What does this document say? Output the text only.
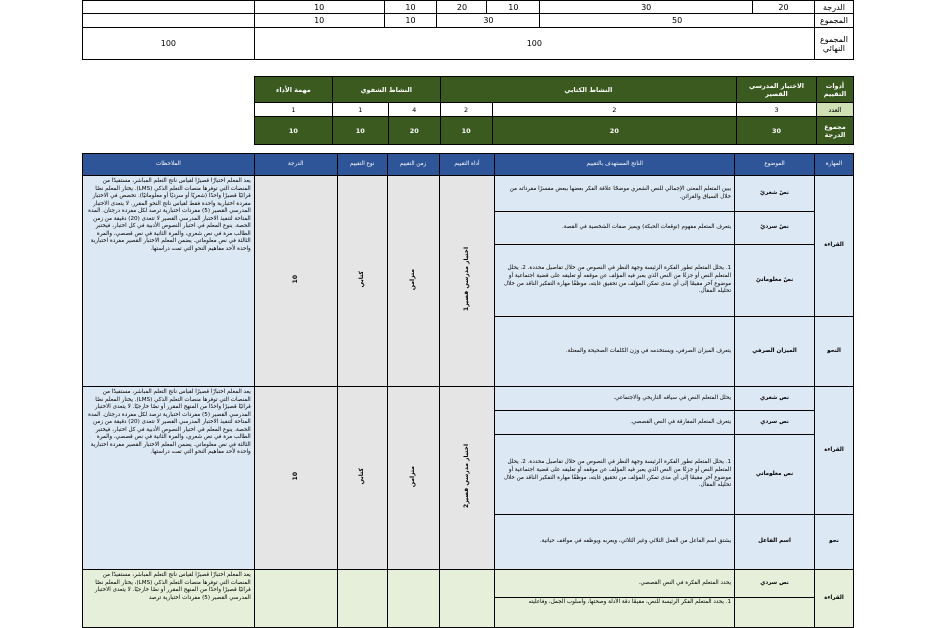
	10	10	20	10	30	20	الدرجة
	10	10	30		50		المجموع
100	100						المجموع النهائي
مهمة الأداء	النشاط الشفوي		النشاط الكتابي		الاختبار المدرسي القصير	أدوات التقييم
1	1	4	2	2	3	العدد
10	10	20	10	20	30	مجموع الدرجة
الملاحظات	الدرجة	نوع التقييم	زمن التقييم	أداة التقييم	الناتج المستهدف بالتقييم	الموضوع	المهارة
يعد المعلم اختبارًا قصيرًا لقياس ناتج التعلم المباشر، مستفيدًا من المنصات التي توفرها منصات التعلم الذكي (LMS). يختار المعلم نصًا قرائيًا قصيرًا واحدًا (شعريًا أو سرديًا أو معلوماتيًا). تخصص في الاختبار مفردة اختبارية واحدة فقط لقياس ناتج النحو المقرر. لا يتعدى الاختبار المدرسي القصير (5) مفردات اختبارية ترصد لكل مفردة درجتان. المدة المتاحة لتنفيذ الاختبار المدرسي القصير لا تتعدى (20) دقيقة من زمن الحصة. ينوع المعلم في اختيار النصوص الأدبية في كل اختبار، فيختبر الطالب مرة في نص شعري، والمرة الثانية في نص قصصي، والمرة الثالثة في نص معلوماتي. يضمن المعلم الاختبار القصير مفردة اختبارية واحدة لأحد مفاهيم النحو التي تمت دراستها.	10	كتابي	متزامن	اختبار مدرسي قصير1	يبين المتعلم المعنى الإجمالي للنص الشعري موضحًا علاقة الفكر بعضها ببعض مفسرًا مفرداته من خلال السياق والقرائن.	نصٌ شعريٌ	القراءة
					يتعرف المتعلم مفهوم (توقعات الحبكة) ويميز صفات الشخصية في القصة.	نصٌ سرديٌ	
					1. يحلل المتعلم تطور الفكرة الرئيسة وجهة النظر في النصوص من خلال تفاصيل محددة. 2. يحلل المتعلم النص أو جزءًا من النص الذي يعبر فيه المؤلف عن موقفه أو تعليقه على قضية اجتماعية أو موضوع آخر مقيمًا إلى أي مدى تمكن المؤلف من تحقيق غايته، موظفًا مهارة التفكير الناقد من خلال تحليله المقال.	نصٌ معلوماتيٌ	
					يتعرف الميزان الصرفي، ويستخدمه في وزن الكلمات الصحيحة والمعتلة.	الميزان الصرفي	النحو
يعد المعلم اختبارًا قصيرًا لقياس ناتج التعلم المباشر، مستفيدًا من المنصات التي توفرها منصات التعلم الذكي (LMS). يختار المعلم نصًا قرائيًا قصيرًا واحدًا من المنهج المقرر أو نصًا خارجيًا. لا يتعدى الاختبار المدرسي القصير (5) مفردات اختبارية ترصد لكل مفردة درجتان. المدة المتاحة لتنفيذ الاختبار المدرسي القصير لا تتعدى (20) دقيقة من زمن الحصة. ينوع المعلم في اختيار النصوص الأدبية في كل اختبار، فيختبر الطالب مرة في نص شعري، والمرة الثانية في نص قصصي، والمرة الثالثة في نص معلوماتي. يضمن المعلم الاختبار القصير مفردة اختبارية واحدة لأحد مفاهيم النحو التي تمت دراستها.	10	كتابي	متزامن	اختبار مدرسي قصير2	يحلل المتعلم النص في سياقه التاريخي والاجتماعي.	نص شعري	القراءة
					يتعرف المتعلم المفارقة في النص القصصي.	نص سردي	
					1. يحلل المتعلم تطور الفكرة الرئيسة وجهة النظر في النصوص من خلال تفاصيل محددة. 2. يحلل المتعلم النص أو جزءًا من النص الذي يعبر فيه المؤلف عن موقفه أو تعليقه على قضية اجتماعية أو موضوع آخر مقيمًا إلى أي مدى تمكن المؤلف من تحقيق غايته، موظفًا مهارة التفكير الناقد من خلال تحليله المقال.	نص معلوماتي	
					يشتق اسم الفاعل من الفعل الثلاثي وغير الثلاثي، ويعربه ويوظفه في مواقف حياتية.	اسم الفاعل	نحو
يعد المعلم اختبارًا قصيرًا لقياس ناتج التعلم المباشر، مستفيدًا من المنصات التي توفرها منصات التعلم الذكي (LMS)، يختار المعلم نصًا قرائيًا قصيرًا واحدًا من المنهج المقرر أو نصًا خارجيًا. لا يتعدى الاختبار المدرسي القصير (5) مفردات اختبارية ترصد					يحدد المتعلم الفكرة في النص القصصي.	نص سردي	القراءة
					1. يحدد المتعلم الفكر الرئيسة للنص، مقيمًا دقة الأدلة وصحتها، وأسلوب الجمل، وفاعليته		
